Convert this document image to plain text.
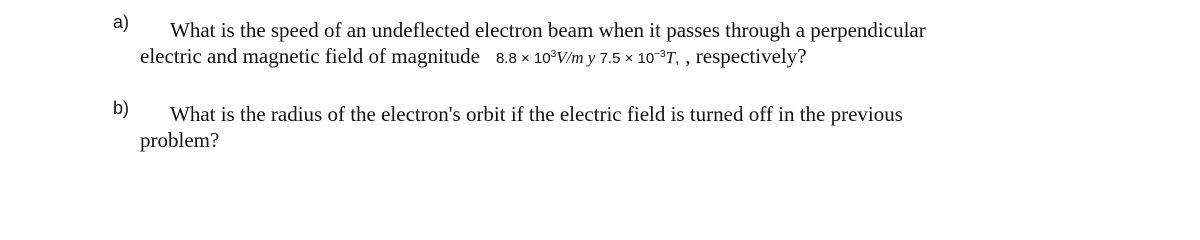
a) What is the speed of an undeflected electron beam when it passes through a perpendicular
electric and magnetic field of magnitude $8.8 \times 10^3V/m$ y $7.5 \times 10^{-3}T$, , respectively?
b) What is the radius of the electron's orbit if the electric field is turned off in the previous
problem?
